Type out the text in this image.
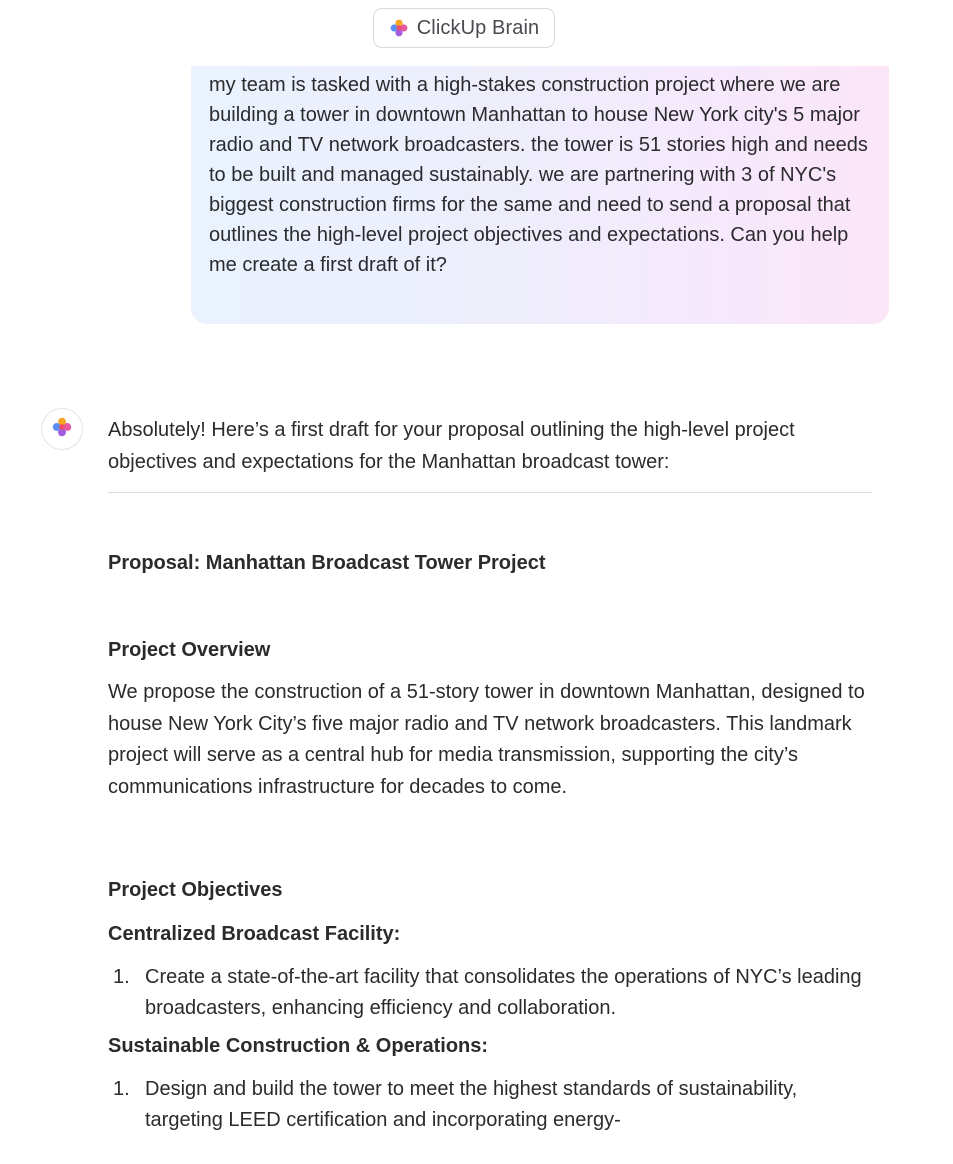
ClickUp Brain
my team is tasked with a high-stakes construction project where we are building a tower in downtown Manhattan to house New York city's 5 major radio and TV network broadcasters. the tower is 51 stories high and needs to be built and managed sustainably. we are partnering with 3 of NYC's biggest construction firms for the same and need to send a proposal that outlines the high-level project objectives and expectations. Can you help me create a first draft of it?

Absolutely! Here’s a first draft for your proposal outlining the high-level project objectives and expectations for the Manhattan broadcast tower:

Proposal: Manhattan Broadcast Tower Project
Project Overview

We propose the construction of a 51-story tower in downtown Manhattan, designed to house New York City’s five major radio and TV network broadcasters. This landmark project will serve as a central hub for media transmission, supporting the city’s communications infrastructure for decades to come.

Project Objectives
Centralized Broadcast Facility:
1. Create a state-of-the-art facility that consolidates the operations of NYC’s leading broadcasters, enhancing efficiency and collaboration.
Sustainable Construction & Operations:
1. Design and build the tower to meet the highest standards of sustainability, targeting LEED certification and incorporating energy-
